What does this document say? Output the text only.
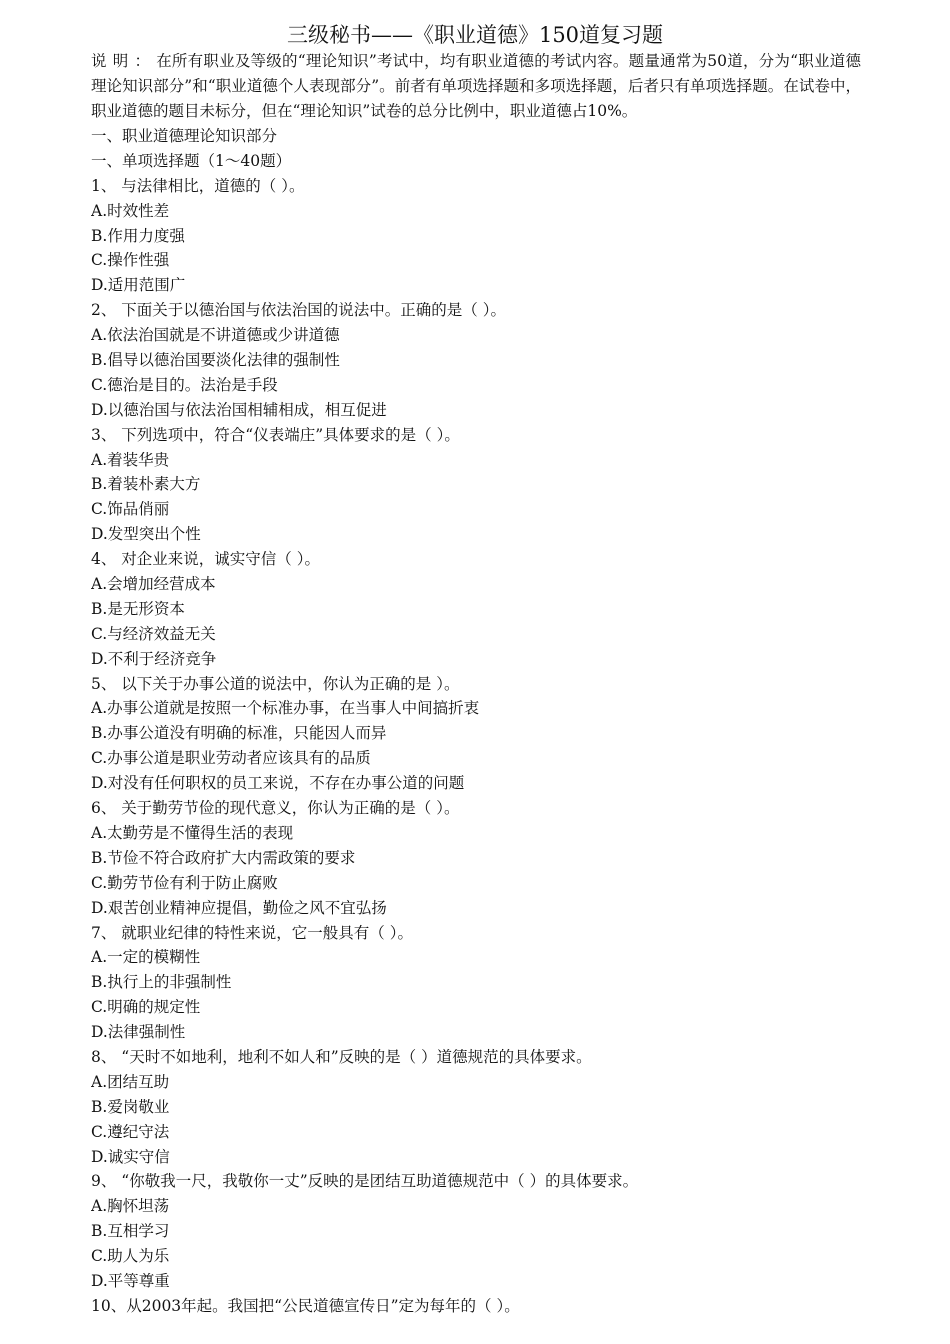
三级秘书——《职业道德》150道复习题
说明：在所有职业及等级的“理论知识”考试中，均有职业道德的考试内容。题量通常为50道，分为“职业道德理论知识部分”和“职业道德个人表现部分”。前者有单项选择题和多项选择题，后者只有单项选择题。在试卷中，职业道德的题目未标分，但在“理论知识”试卷的总分比例中，职业道德占10%。
一、职业道德理论知识部分
一、单项选择题（1～40题）
1、 与法律相比，道德的（ ）。
A.时效性差
B.作用力度强
C.操作性强
D.适用范围广
2、 下面关于以德治国与依法治国的说法中。正确的是（ ）。
A.依法治国就是不讲道德或少讲道德
B.倡导以德治国要淡化法律的强制性
C.德治是目的。法治是手段
D.以德治国与依法治国相辅相成，相互促进
3、 下列选项中，符合“仪表端庄”具体要求的是（ ）。
A.着装华贵
B.着装朴素大方
C.饰品俏丽
D.发型突出个性
4、 对企业来说，诚实守信（ ）。
A.会增加经营成本
B.是无形资本
C.与经济效益无关
D.不利于经济竞争
5、 以下关于办事公道的说法中，你认为正确的是 ）。
A.办事公道就是按照一个标准办事，在当事人中间搞折衷
B.办事公道没有明确的标准，只能因人而异
C.办事公道是职业劳动者应该具有的品质
D.对没有任何职权的员工来说，不存在办事公道的问题
6、 关于勤劳节俭的现代意义，你认为正确的是（ ）。
A.太勤劳是不懂得生活的表现
B.节俭不符合政府扩大内需政策的要求
C.勤劳节俭有利于防止腐败
D.艰苦创业精神应提倡，勤俭之风不宜弘扬
7、 就职业纪律的特性来说，它一般具有（ ）。
A.一定的模糊性
B.执行上的非强制性
C.明确的规定性
D.法律强制性
8、 “天时不如地利，地利不如人和”反映的是（ ）道德规范的具体要求。
A.团结互助
B.爱岗敬业
C.遵纪守法
D.诚实守信
9、 “你敬我一尺，我敬你一丈”反映的是团结互助道德规范中（ ）的具体要求。
A.胸怀坦荡
B.互相学习
C.助人为乐
D.平等尊重
10、从2003年起。我国把“公民道德宣传日”定为每年的（ ）。
